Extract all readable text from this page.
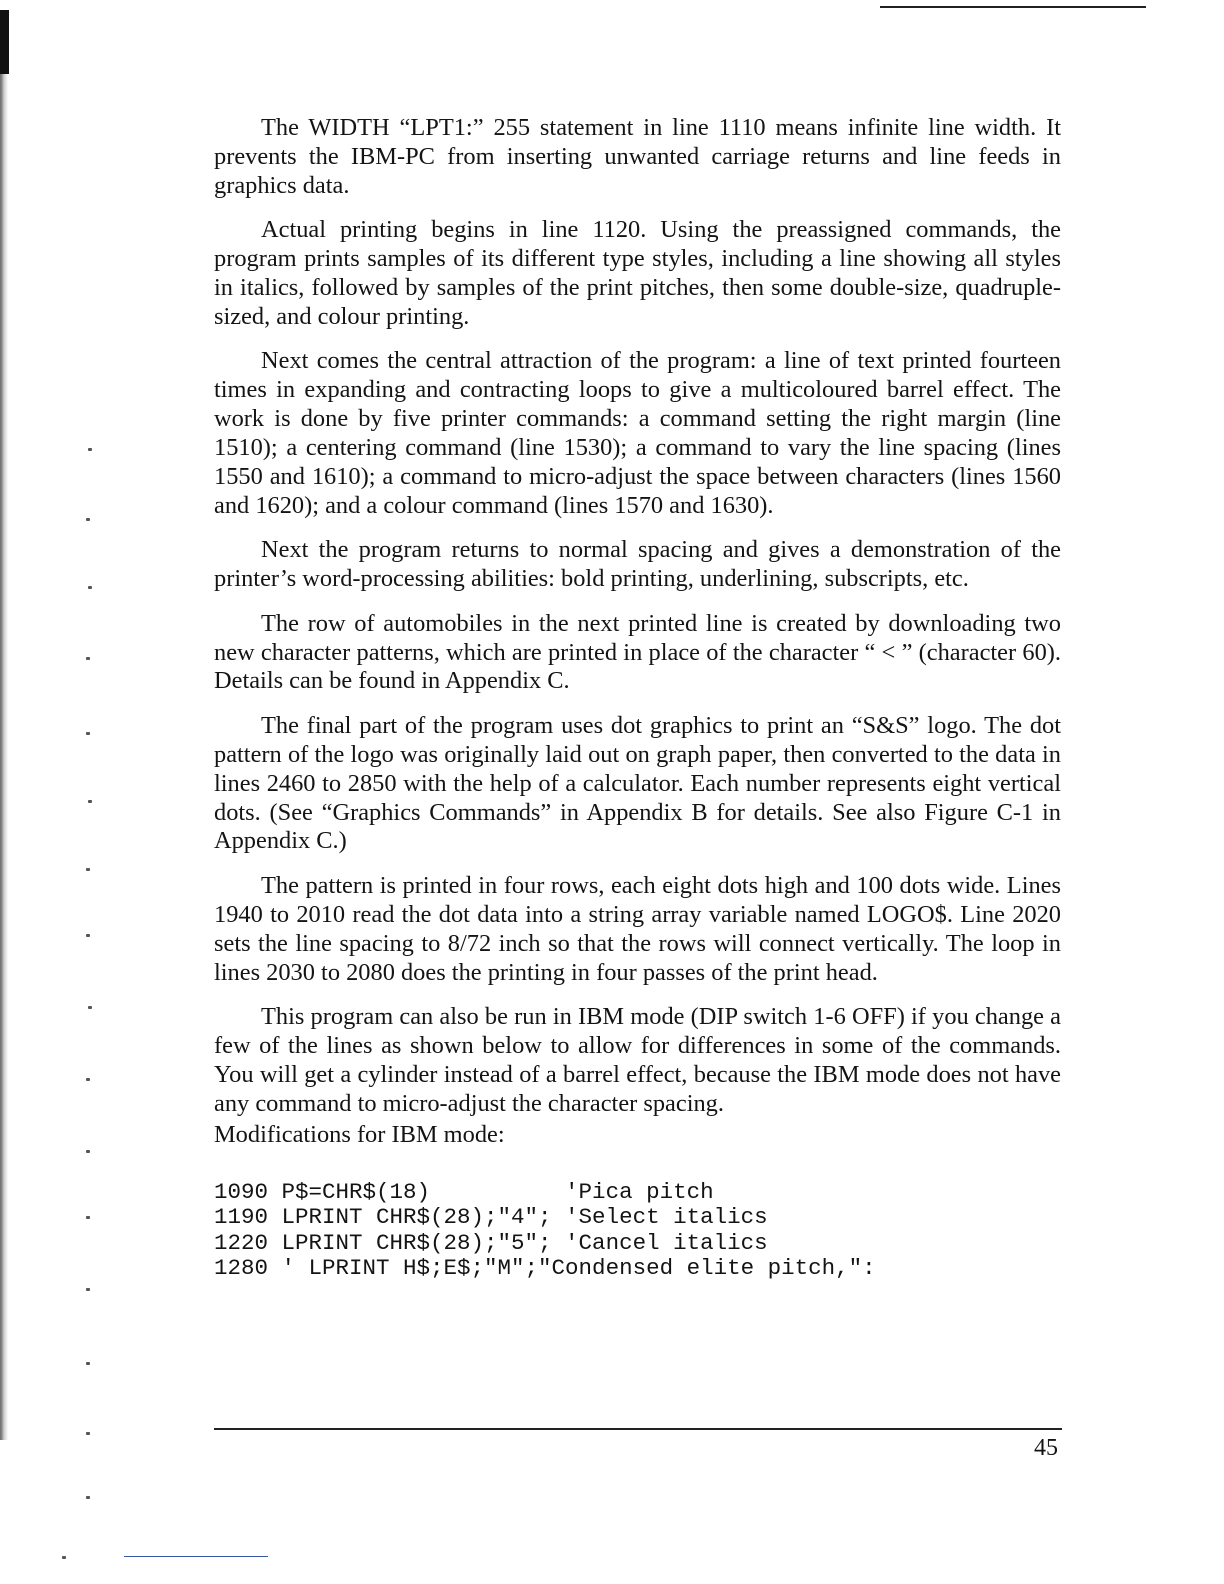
The WIDTH “LPT1:” 255 statement in line 1110 means infinite line width. It prevents the IBM-PC from inserting unwanted carriage returns and line feeds in graphics data.

Actual printing begins in line 1120. Using the preassigned commands, the program prints samples of its different type styles, including a line showing all styles in italics, followed by samples of the print pitches, then some double-size, quadruple-sized, and colour printing.

Next comes the central attraction of the program: a line of text printed fourteen times in expanding and contracting loops to give a multicoloured barrel effect. The work is done by five printer commands: a command setting the right margin (line 1510); a centering command (line 1530); a command to vary the line spacing (lines 1550 and 1610); a command to micro-adjust the space between characters (lines 1560 and 1620); and a colour command (lines 1570 and 1630).

Next the program returns to normal spacing and gives a demonstration of the printer’s word-processing abilities: bold printing, underlining, subscripts, etc.

The row of automobiles in the next printed line is created by downloading two new character patterns, which are printed in place of the character “ < ” (character 60). Details can be found in Appendix C.

The final part of the program uses dot graphics to print an “S&S” logo. The dot pattern of the logo was originally laid out on graph paper, then converted to the data in lines 2460 to 2850 with the help of a calculator. Each number represents eight vertical dots. (See “Graphics Commands” in Appendix B for details. See also Figure C-1 in Appendix C.)

The pattern is printed in four rows, each eight dots high and 100 dots wide. Lines 1940 to 2010 read the dot data into a string array variable named LOGO$. Line 2020 sets the line spacing to 8/72 inch so that the rows will connect vertically. The loop in lines 2030 to 2080 does the printing in four passes of the print head.

This program can also be run in IBM mode (DIP switch 1-6 OFF) if you change a few of the lines as shown below to allow for differences in some of the commands. You will get a cylinder instead of a barrel effect, because the IBM mode does not have any command to micro-adjust the character spacing.

Modifications for IBM mode:

1090 P$=CHR$(18)          'Pica pitch
1190 LPRINT CHR$(28);"4"; 'Select italics
1220 LPRINT CHR$(28);"5"; 'Cancel italics
1280 ' LPRINT H$;E$;"M";"Condensed elite pitch,":
45
